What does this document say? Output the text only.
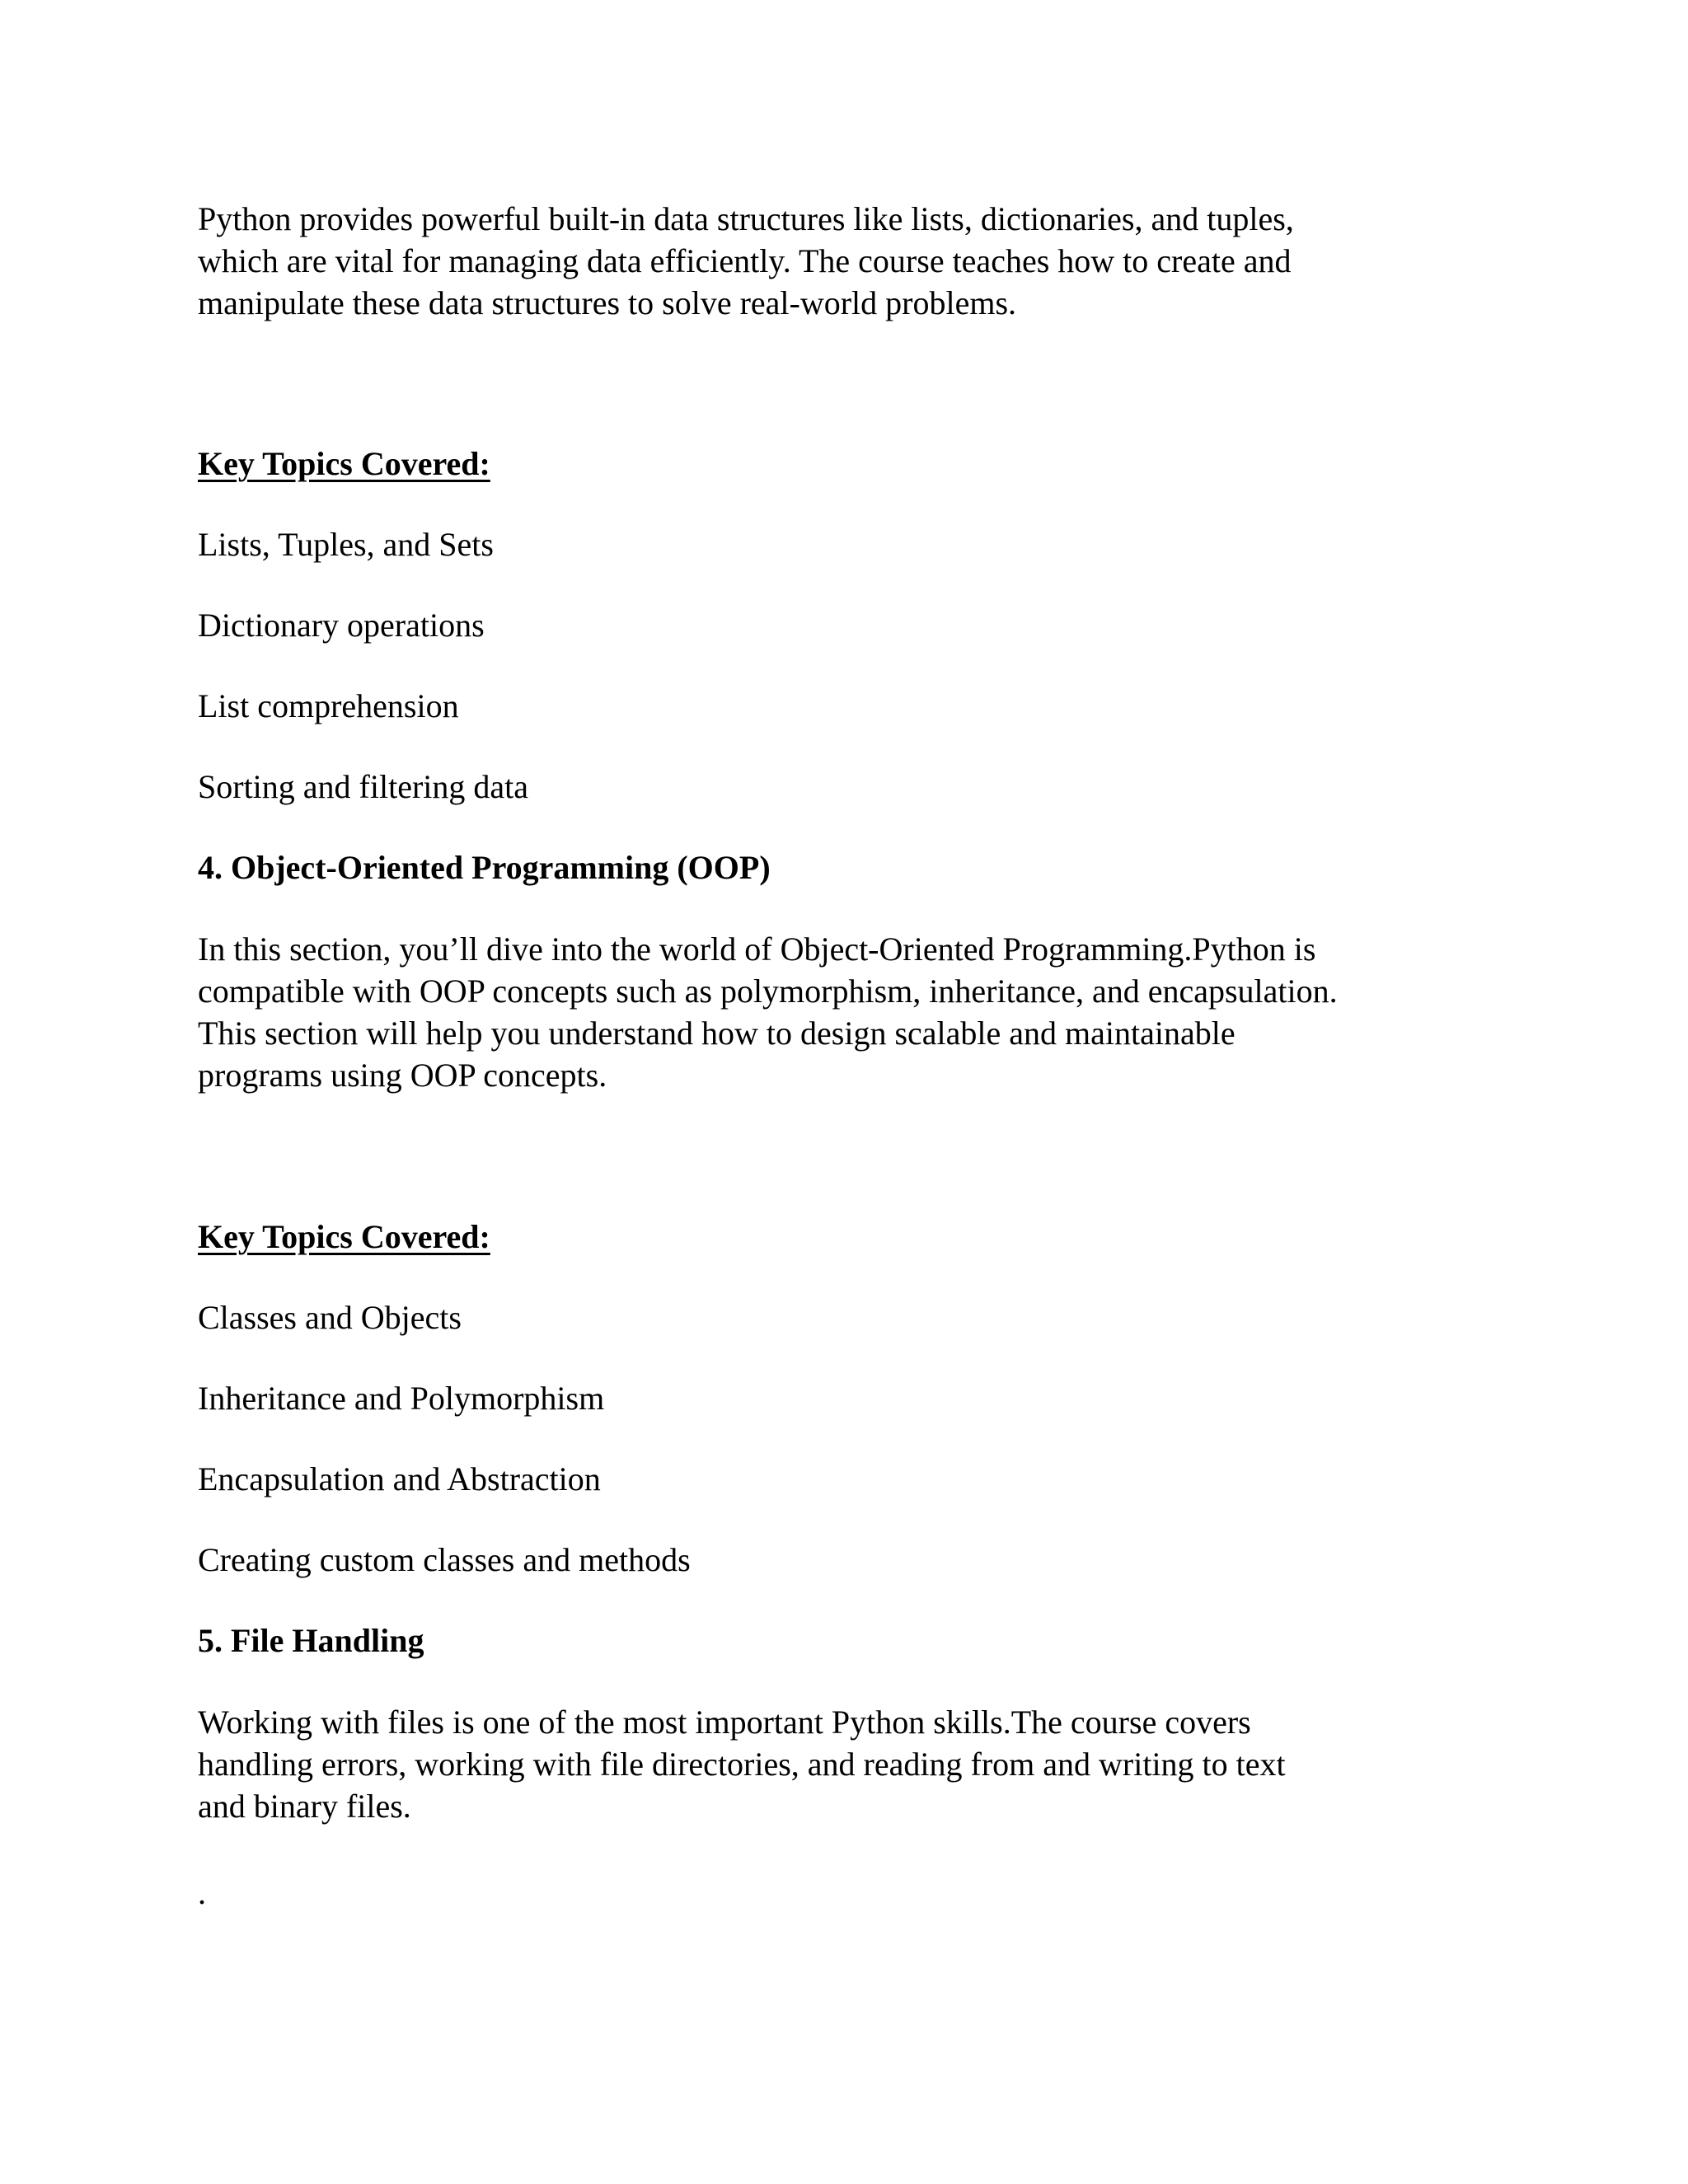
Python provides powerful built-in data structures like lists, dictionaries, and tuples,
which are vital for managing data efficiently. The course teaches how to create and
manipulate these data structures to solve real-world problems.
Key Topics Covered:
Lists, Tuples, and Sets
Dictionary operations
List comprehension
Sorting and filtering data
4. Object-Oriented Programming (OOP)
In this section, you’ll dive into the world of Object-Oriented Programming.Python is
compatible with OOP concepts such as polymorphism, inheritance, and encapsulation.
This section will help you understand how to design scalable and maintainable
programs using OOP concepts.
Key Topics Covered:
Classes and Objects
Inheritance and Polymorphism
Encapsulation and Abstraction
Creating custom classes and methods
5. File Handling
Working with files is one of the most important Python skills.The course covers
handling errors, working with file directories, and reading from and writing to text
and binary files.
.
